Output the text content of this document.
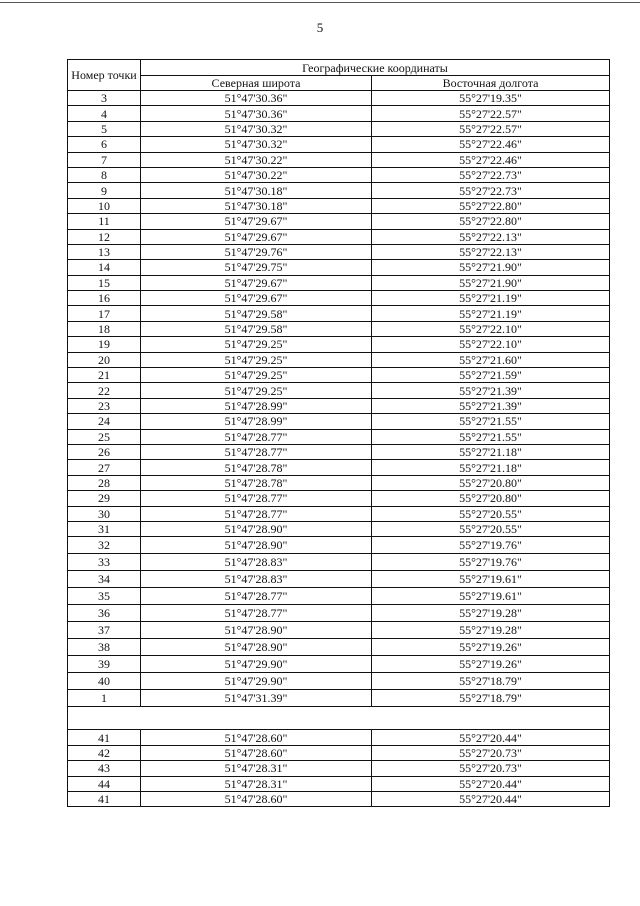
5
Номер точки	Географические координаты	
	Северная широта	Восточная долгота
3	51°47'30.36"	55°27'19.35"
4	51°47'30.36"	55°27'22.57"
5	51°47'30.32"	55°27'22.57"
6	51°47'30.32"	55°27'22.46"
7	51°47'30.22"	55°27'22.46"
8	51°47'30.22"	55°27'22.73"
9	51°47'30.18"	55°27'22.73"
10	51°47'30.18"	55°27'22.80"
11	51°47'29.67"	55°27'22.80"
12	51°47'29.67"	55°27'22.13"
13	51°47'29.76"	55°27'22.13"
14	51°47'29.75"	55°27'21.90"
15	51°47'29.67"	55°27'21.90"
16	51°47'29.67"	55°27'21.19"
17	51°47'29.58"	55°27'21.19"
18	51°47'29.58"	55°27'22.10"
19	51°47'29.25"	55°27'22.10"
20	51°47'29.25"	55°27'21.60"
21	51°47'29.25"	55°27'21.59"
22	51°47'29.25"	55°27'21.39"
23	51°47'28.99"	55°27'21.39"
24	51°47'28.99"	55°27'21.55"
25	51°47'28.77"	55°27'21.55"
26	51°47'28.77"	55°27'21.18"
27	51°47'28.78"	55°27'21.18"
28	51°47'28.78"	55°27'20.80"
29	51°47'28.77"	55°27'20.80"
30	51°47'28.77"	55°27'20.55"
31	51°47'28.90"	55°27'20.55"
32	51°47'28.90"	55°27'19.76"
33	51°47'28.83"	55°27'19.76"
34	51°47'28.83"	55°27'19.61"
35	51°47'28.77"	55°27'19.61"
36	51°47'28.77"	55°27'19.28"
37	51°47'28.90"	55°27'19.28"
38	51°47'28.90"	55°27'19.26"
39	51°47'29.90"	55°27'19.26"
40	51°47'29.90"	55°27'18.79"
1	51°47'31.39"	55°27'18.79"

41	51°47'28.60"	55°27'20.44"
42	51°47'28.60"	55°27'20.73"
43	51°47'28.31"	55°27'20.73"
44	51°47'28.31"	55°27'20.44"
41	51°47'28.60"	55°27'20.44"
